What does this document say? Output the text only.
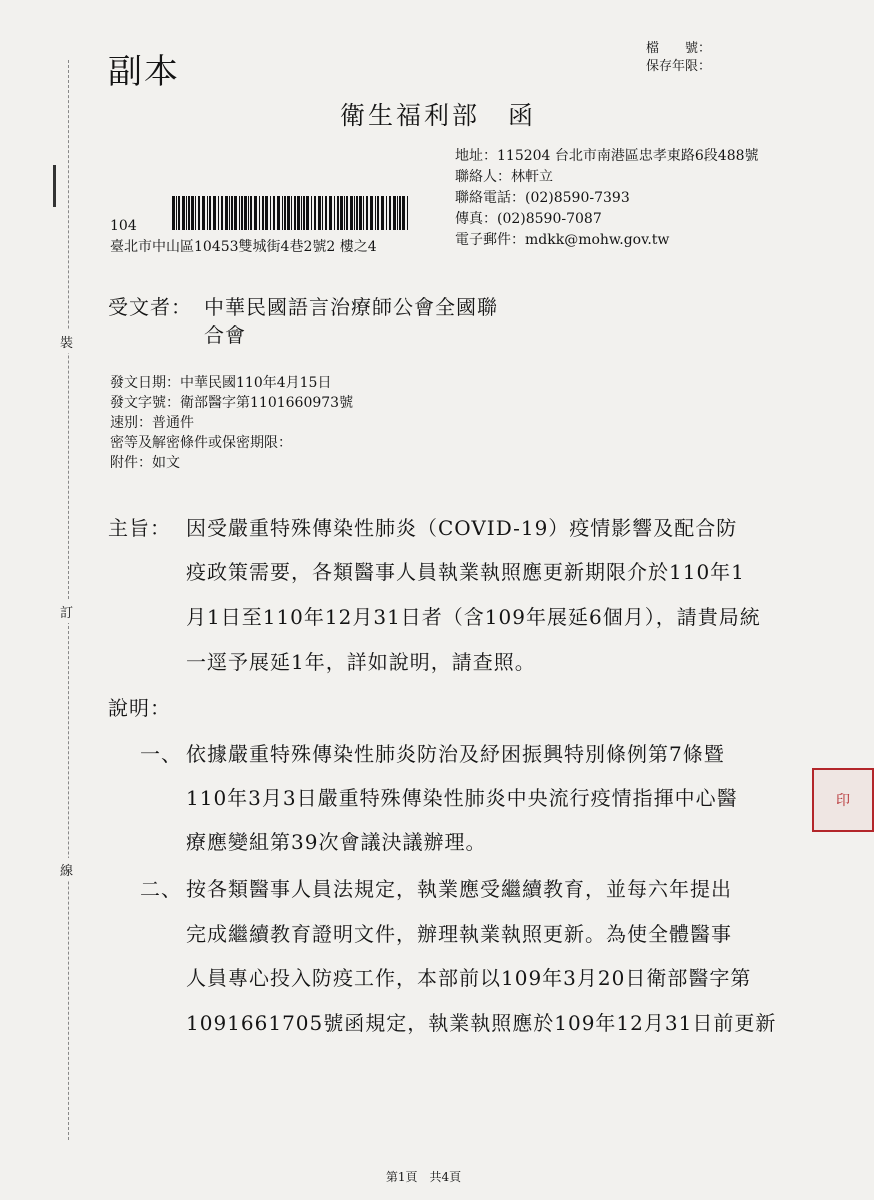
副本
檔　　號：
保存年限：
衛生福利部　函
地址：115204 台北市南港區忠孝東路6段488號
聯絡人：林軒立
聯絡電話：(02)8590-7393
傳真：(02)8590-7087
電子郵件：mdkk@mohw.gov.tw
104
臺北市中山區10453雙城街4巷2號2 樓之4
受文者： 中華民國語言治療師公會全國聯
合會
發文日期：中華民國110年4月15日
發文字號：衛部醫字第1101660973號
速別：普通件
密等及解密條件或保密期限：
附件：如文
裝
訂
線
主旨： 因受嚴重特殊傳染性肺炎（COVID-19）疫情影響及配合防
疫政策需要，各類醫事人員執業執照應更新期限介於110年1
月1日至110年12月31日者（含109年展延6個月），請貴局統
一逕予展延1年，詳如說明，請查照。
說明：
一、 依據嚴重特殊傳染性肺炎防治及紓困振興特別條例第7條暨
110年3月3日嚴重特殊傳染性肺炎中央流行疫情指揮中心醫
療應變組第39次會議決議辦理。
二、 按各類醫事人員法規定，執業應受繼續教育，並每六年提出
完成繼續教育證明文件，辦理執業執照更新。為使全體醫事
人員專心投入防疫工作，本部前以109年3月20日衛部醫字第
1091661705號函規定，執業執照應於109年12月31日前更新
印
第1頁　共4頁
